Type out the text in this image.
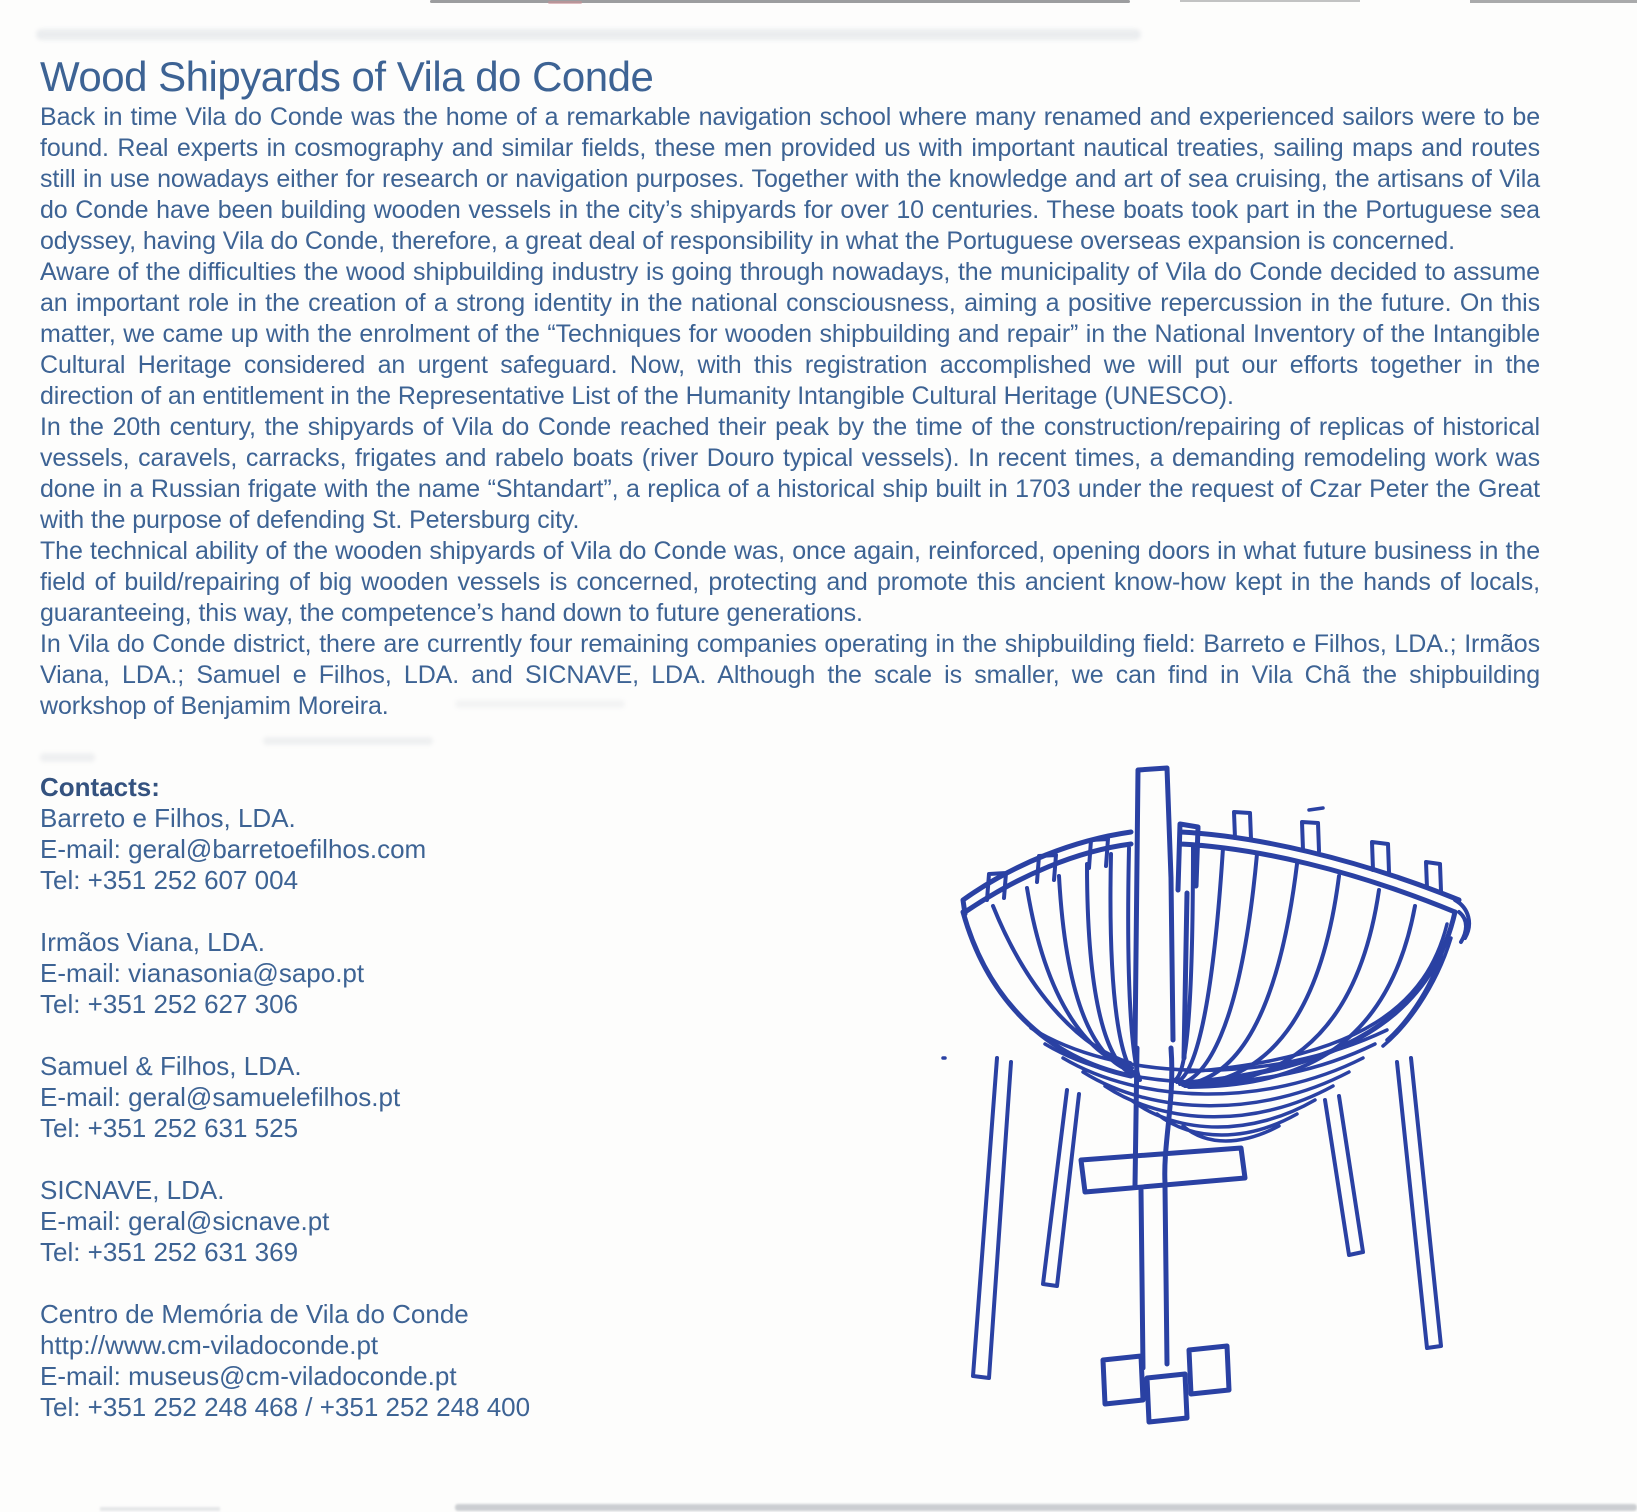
Wood Shipyards of Vila do Conde

Back in time Vila do Conde was the home of a remarkable navigation school where many renamed and experienced sailors were to be found. Real experts in cosmography and similar fields, these men provided us with important nautical treaties, sailing maps and routes still in use nowadays either for research or navigation purposes. Together with the knowledge and art of sea cruising, the artisans of Vila do Conde have been building wooden vessels in the city’s shipyards for over 10 centuries. These boats took part in the Portuguese sea odyssey, having Vila do Conde, therefore, a great deal of responsibility in what the Portuguese overseas expansion is concerned.

Aware of the difficulties the wood shipbuilding industry is going through nowadays, the municipality of Vila do Conde decided to assume an important role in the creation of a strong identity in the national consciousness, aiming a positive repercussion in the future. On this matter, we came up with the enrolment of the “Techniques for wooden shipbuilding and repair” in the National Inventory of the Intangible Cultural Heritage considered an urgent safeguard. Now, with this registration accomplished we will put our efforts together in the direction of an entitlement in the Representative List of the Humanity Intangible Cultural Heritage (UNESCO).

In the 20th century, the shipyards of Vila do Conde reached their peak by the time of the construction/repairing of replicas of historical vessels, caravels, carracks, frigates and rabelo boats (river Douro typical vessels). In recent times, a demanding remodeling work was done in a Russian frigate with the name “Shtandart”, a replica of a historical ship built in 1703 under the request of Czar Peter the Great with the purpose of defending St. Petersburg city.

The technical ability of the wooden shipyards of Vila do Conde was, once again, reinforced, opening doors in what future business in the field of build/repairing of big wooden vessels is concerned, protecting and promote this ancient know-how kept in the hands of locals, guaranteeing, this way, the competence’s hand down to future generations.

In Vila do Conde district, there are currently four remaining companies operating in the shipbuilding field: Barreto e Filhos, LDA.; Irmãos Viana, LDA.; Samuel e Filhos, LDA. and SICNAVE, LDA. Although the scale is smaller, we can find in Vila Chã the shipbuilding workshop of Benjamim Moreira.

Contacts:
Barreto e Filhos, LDA.
E-mail: geral@barretoefilhos.com
Tel: +351 252 607 004
Irmãos Viana, LDA.
E-mail: vianasonia@sapo.pt
Tel: +351 252 627 306
Samuel & Filhos, LDA.
E-mail: geral@samuelefilhos.pt
Tel: +351 252 631 525
SICNAVE, LDA.
E-mail: geral@sicnave.pt
Tel: +351 252 631 369
Centro de Memória de Vila do Conde
http://www.cm-viladoconde.pt
E-mail: museus@cm-viladoconde.pt
Tel: +351 252 248 468 / +351 252 248 400
